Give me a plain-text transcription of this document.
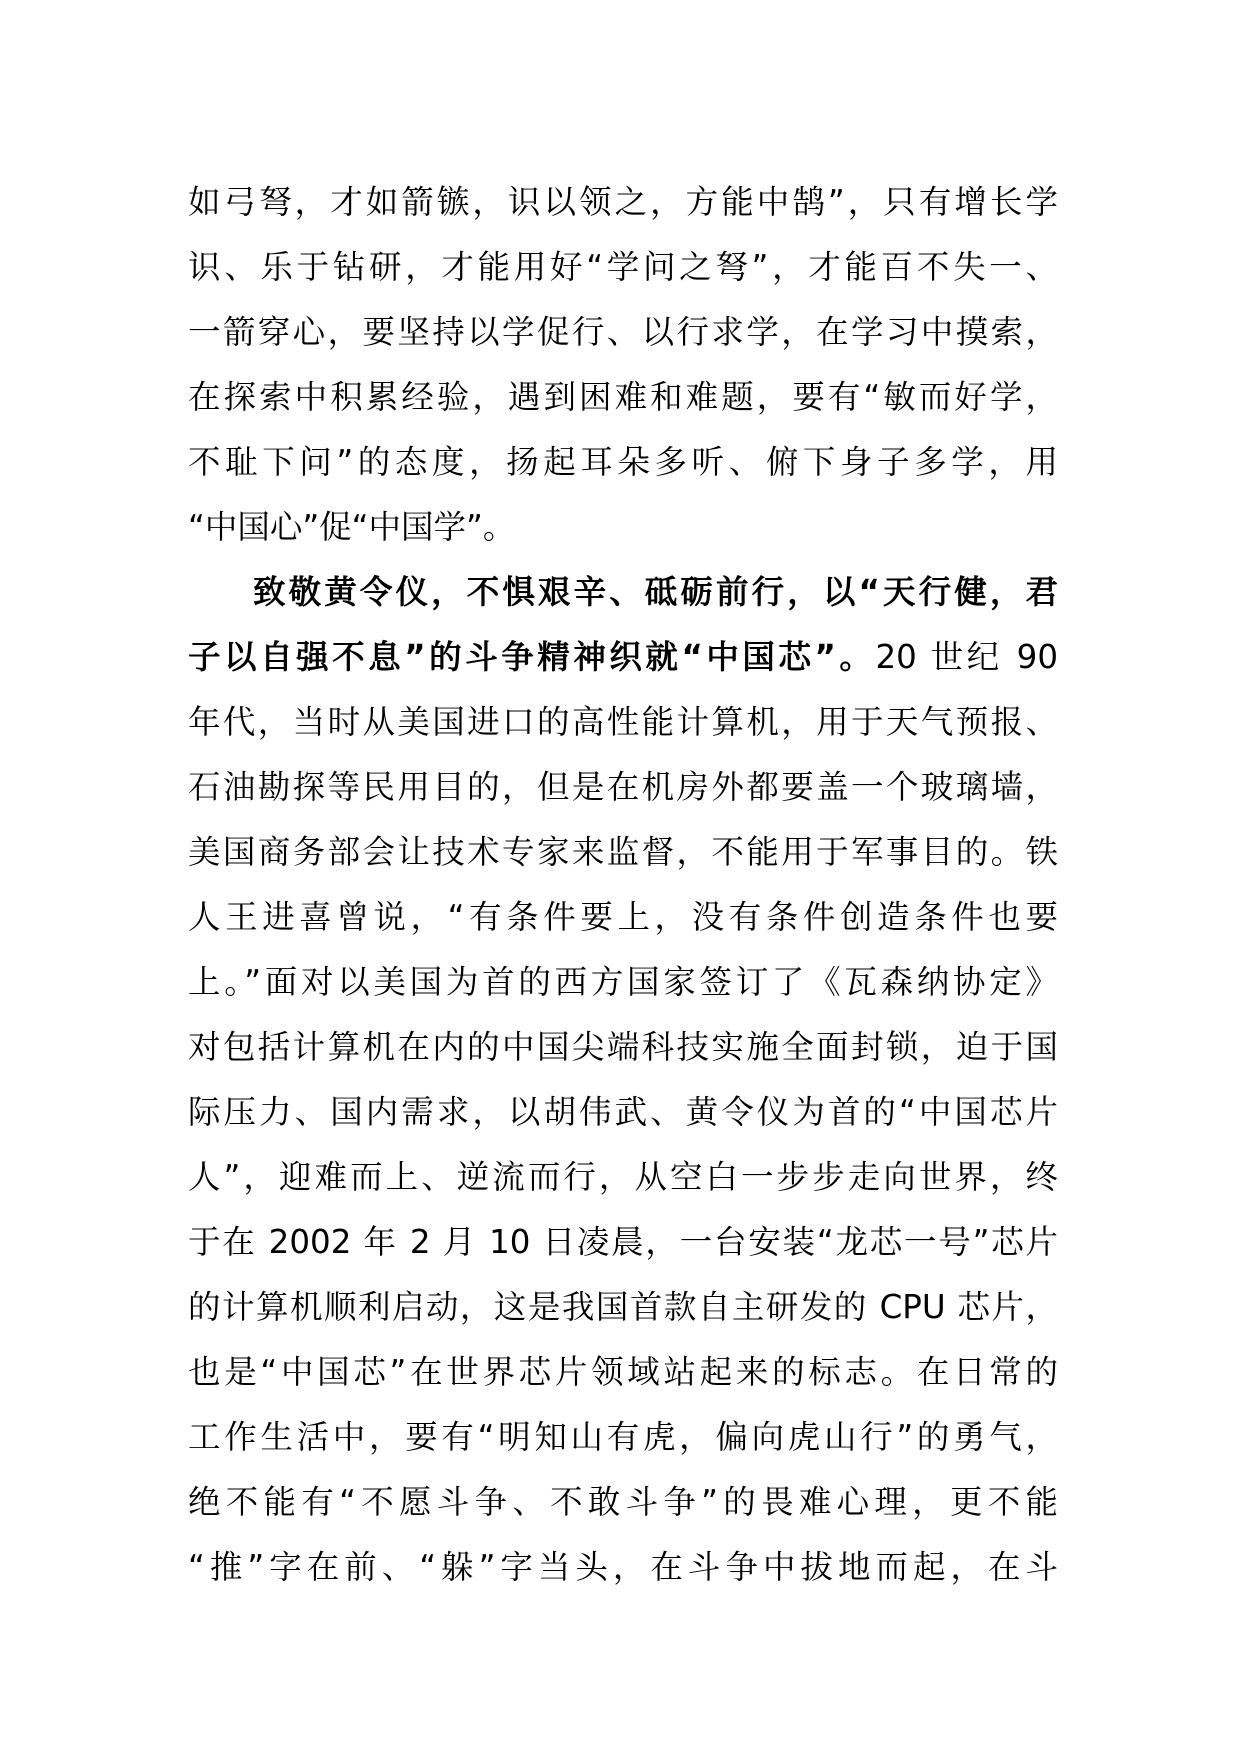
如弓弩，才如箭镞，识以领之，方能中鹄”，只有增长学
识、乐于钻研，才能用好“学问之弩”，才能百不失一、
一箭穿心，要坚持以学促行、以行求学，在学习中摸索，
在探索中积累经验，遇到困难和难题，要有“敏而好学，
不耻下问”的态度，扬起耳朵多听、俯下身子多学，用
“中国心”促“中国学”。
致敬黄令仪，不惧艰辛、砥砺前行，以“天行健，君
子以自强不息”的斗争精神织就“中国芯”。20 世纪 90
年代，当时从美国进口的高性能计算机，用于天气预报、
石油勘探等民用目的，但是在机房外都要盖一个玻璃墙，
美国商务部会让技术专家来监督，不能用于军事目的。铁
人王进喜曾说，“有条件要上，没有条件创造条件也要
上。”面对以美国为首的西方国家签订了《瓦森纳协定》
对包括计算机在内的中国尖端科技实施全面封锁，迫于国
际压力、国内需求，以胡伟武、黄令仪为首的“中国芯片
人”，迎难而上、逆流而行，从空白一步步走向世界，终
于在 2002 年 2 月 10 日凌晨，一台安装“龙芯一号”芯片
的计算机顺利启动，这是我国首款自主研发的 CPU 芯片，
也是“中国芯”在世界芯片领域站起来的标志。在日常的
工作生活中，要有“明知山有虎，偏向虎山行”的勇气，
绝不能有“不愿斗争、不敢斗争”的畏难心理，更不能
“推”字在前、“躲”字当头，在斗争中拔地而起，在斗
